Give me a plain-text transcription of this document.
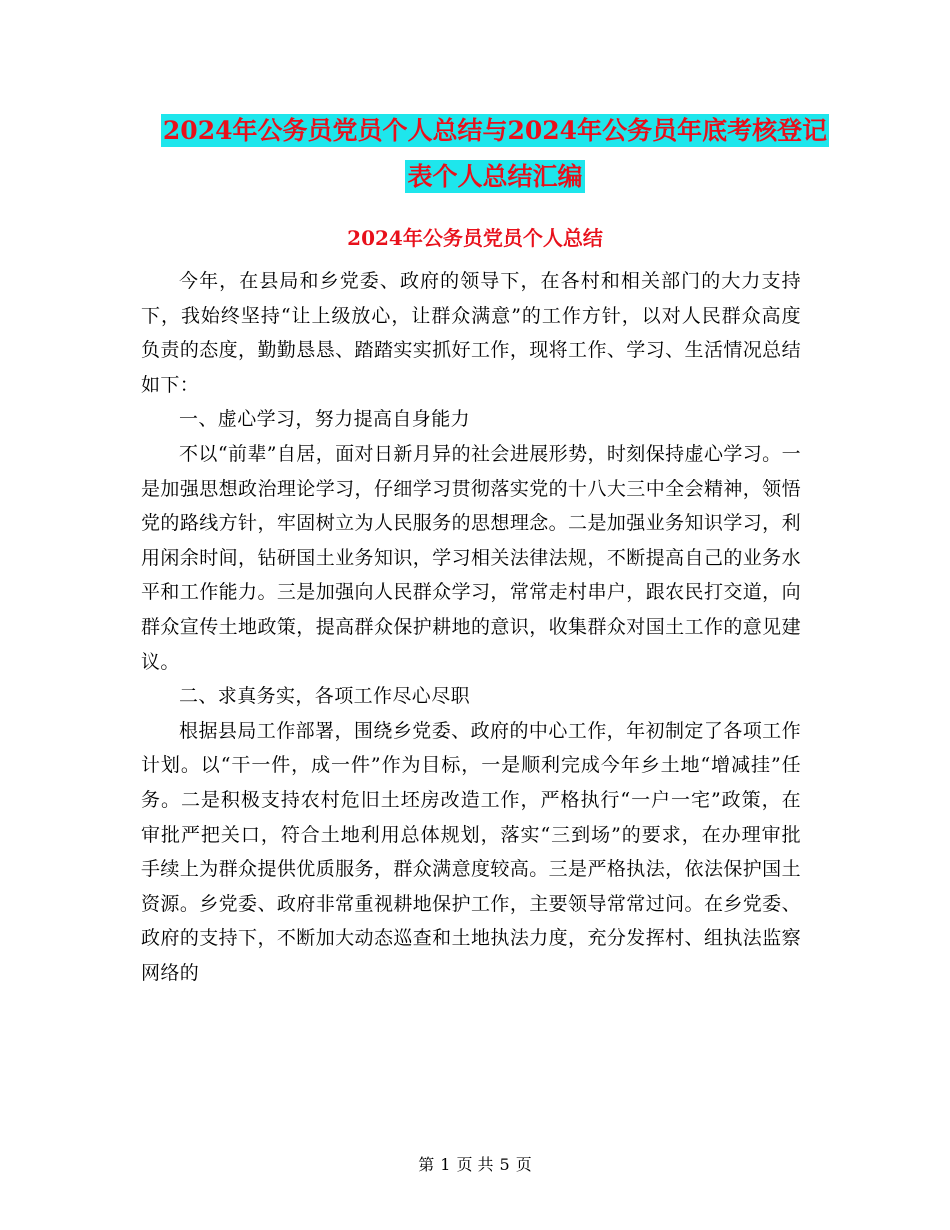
2024年公务员党员个人总结与2024年公务员年底考核登记表个人总结汇编
2024年公务员党员个人总结

今年，在县局和乡党委、政府的领导下，在各村和相关部门的大力支持下，我始终坚持“让上级放心，让群众满意”的工作方针，以对人民群众高度负责的态度，勤勤恳恳、踏踏实实抓好工作，现将工作、学习、生活情况总结如下：

一、虚心学习，努力提高自身能力

不以“前辈”自居，面对日新月异的社会进展形势，时刻保持虚心学习。一是加强思想政治理论学习，仔细学习贯彻落实党的十八大三中全会精神，领悟党的路线方针，牢固树立为人民服务的思想理念。二是加强业务知识学习，利用闲余时间，钻研国土业务知识，学习相关法律法规，不断提高自己的业务水平和工作能力。三是加强向人民群众学习，常常走村串户，跟农民打交道，向群众宣传土地政策，提高群众保护耕地的意识，收集群众对国土工作的意见建议。

二、求真务实，各项工作尽心尽职

根据县局工作部署，围绕乡党委、政府的中心工作，年初制定了各项工作计划。以“干一件，成一件”作为目标，一是顺利完成今年乡土地“增减挂”任务。二是积极支持农村危旧土坯房改造工作，严格执行“一户一宅”政策，在审批严把关口，符合土地利用总体规划，落实“三到场”的要求，在办理审批手续上为群众提供优质服务，群众满意度较高。三是严格执法，依法保护国土资源。乡党委、政府非常重视耕地保护工作，主要领导常常过问。在乡党委、政府的支持下，不断加大动态巡查和土地执法力度，充分发挥村、组执法监察网络的

第 1 页 共 5 页
